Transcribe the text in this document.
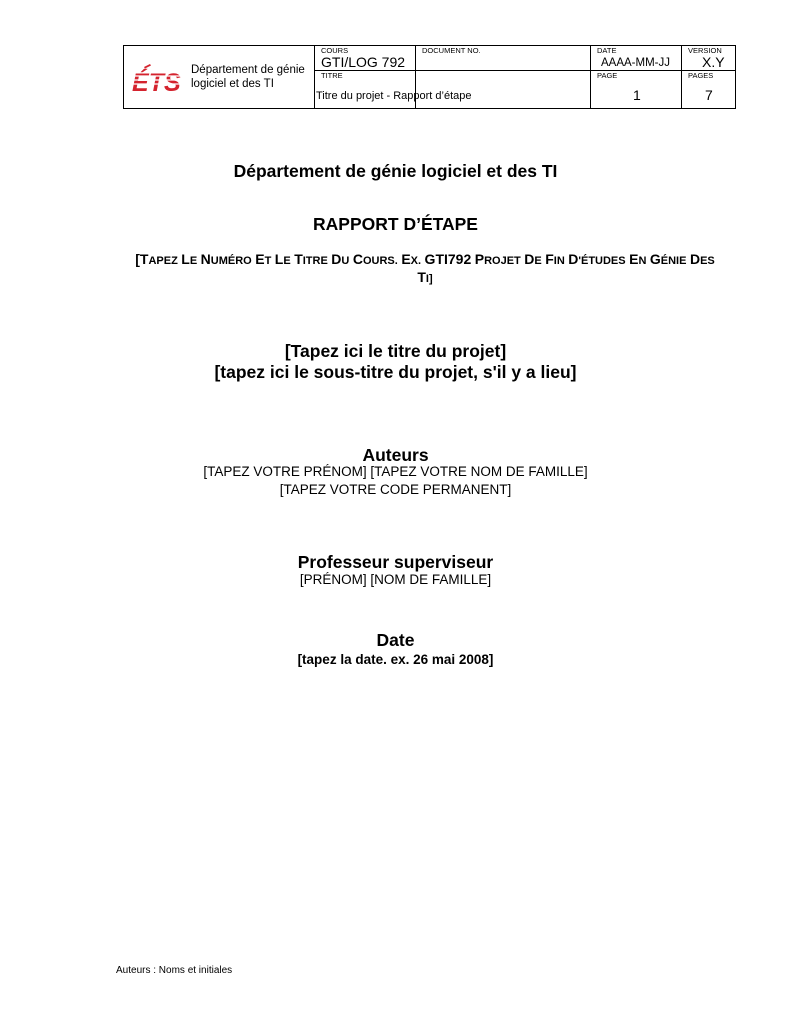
ÉTS Département de génie logiciel et des TI
COURS
GTI/LOG 792
DOCUMENT NO.	DATE
AAAA-MM-JJ
VERSION
X.Y
TITRE
Titre du projet - Rapport d’étape
PAGE
1
PAGES
7
Département de génie logiciel et des TI
RAPPORT D’ÉTAPE
[TAPEZ LE NUMÉRO ET LE TITRE DU COURS. EX. GTI792 PROJET DE FIN D'ÉTUDES EN GÉNIE DES
TI]
[Tapez ici le titre du projet]
[tapez ici le sous-titre du projet, s'il y a lieu]
Auteurs
[TAPEZ VOTRE PRÉNOM] [TAPEZ VOTRE NOM DE FAMILLE]
[TAPEZ VOTRE CODE PERMANENT]
Professeur superviseur
[PRÉNOM] [NOM DE FAMILLE]
Date
[tapez la date. ex. 26 mai 2008]
Auteurs : Noms et initiales
